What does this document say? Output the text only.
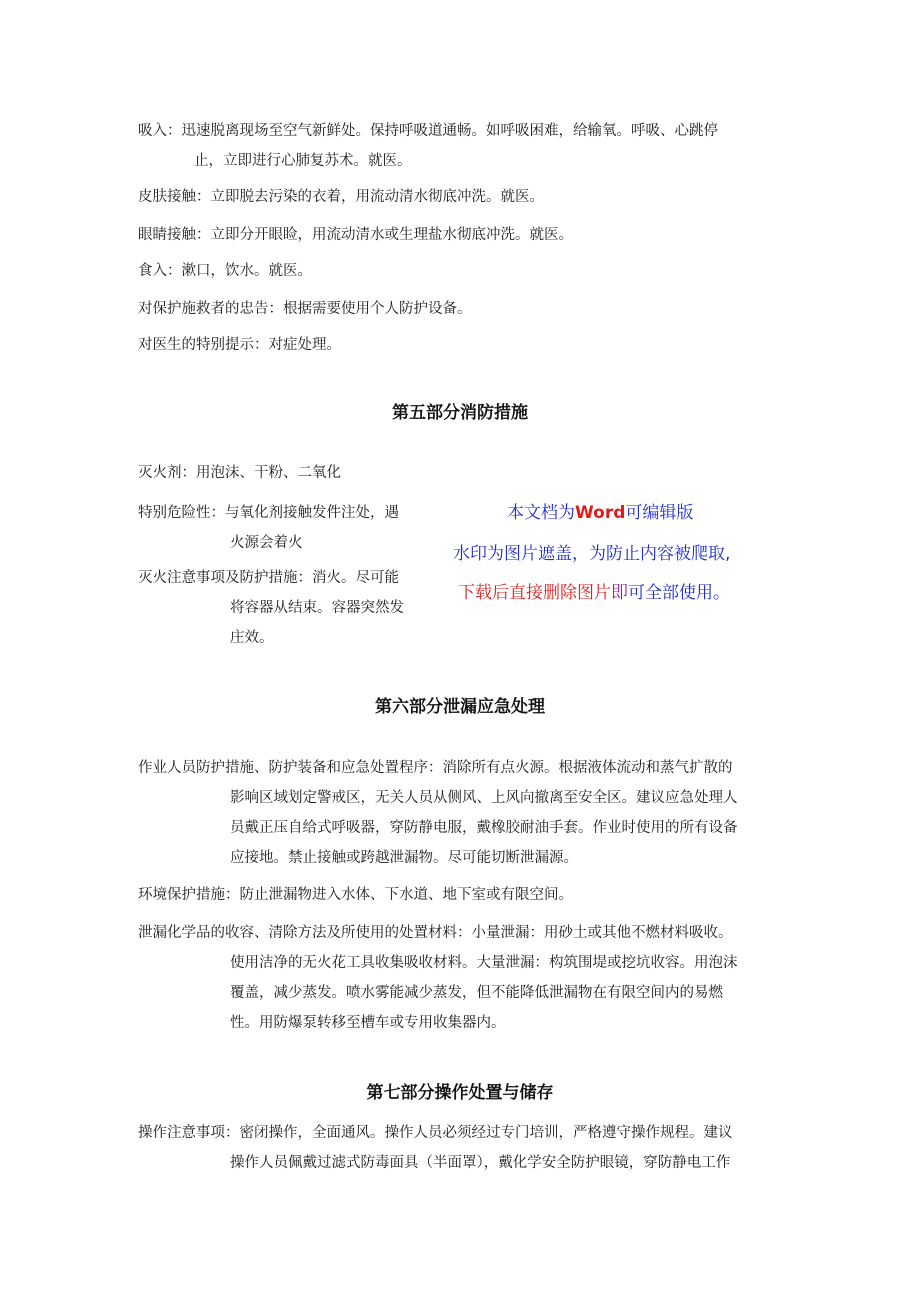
吸入：迅速脱离现场至空气新鲜处。保持呼吸道通畅。如呼吸困难，给输氧。呼吸、心跳停
止，立即进行心肺复苏术。就医。
皮肤接触：立即脱去污染的衣着，用流动清水彻底冲洗。就医。
眼睛接触：立即分开眼睑，用流动清水或生理盐水彻底冲洗。就医。
食入：漱口，饮水。就医。
对保护施救者的忠告：根据需要使用个人防护设备。
对医生的特别提示：对症处理。
第五部分消防措施
灭火剂：用泡沫、干粉、二氧化
特别危险性：与氧化剂接触发件注处，遇
火源会着火
灭火注意事项及防护措施：消火。尽可能
将容器从结束。容器突然发
庄效。
本文档为Word可编辑版
水印为图片遮盖，为防止内容被爬取,
下载后直接删除图片即可全部使用。
第六部分泄漏应急处理
作业人员防护措施、防护装备和应急处置程序：消除所有点火源。根据液体流动和蒸气扩散的
影响区域划定警戒区，无关人员从侧风、上风向撤离至安全区。建议应急处理人
员戴正压自给式呼吸器，穿防静电服，戴橡胶耐油手套。作业时使用的所有设备
应接地。禁止接触或跨越泄漏物。尽可能切断泄漏源。
环境保护措施：防止泄漏物进入水体、下水道、地下室或有限空间。
泄漏化学品的收容、清除方法及所使用的处置材料：小量泄漏：用砂土或其他不燃材料吸收。
使用洁净的无火花工具收集吸收材料。大量泄漏：构筑围堤或挖坑收容。用泡沫
覆盖，减少蒸发。喷水雾能减少蒸发，但不能降低泄漏物在有限空间内的易燃
性。用防爆泵转移至槽车或专用收集器内。
第七部分操作处置与储存
操作注意事项：密闭操作，全面通风。操作人员必须经过专门培训，严格遵守操作规程。建议
操作人员佩戴过滤式防毒面具（半面罩），戴化学安全防护眼镜，穿防静电工作
